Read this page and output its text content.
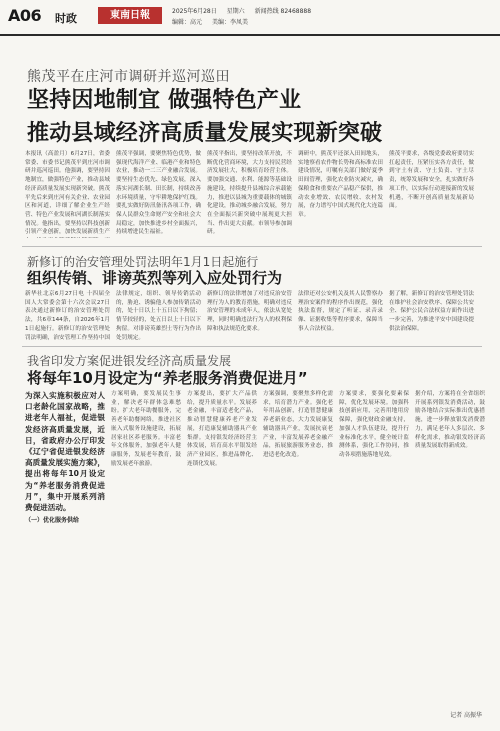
A06 时政	東南日報	2025年6月28日 星期六 新闻热线 82468888
编辑：高元 美编：李凤美
熊茂平在庄河市调研并巡河巡田
坚持因地制宜 做强特色产业
推动县域经济高质量发展实现新突破
本报讯（高盈月）6月27日，省委常委、市委书记熊茂平到庄河市调研并巡河巡田。他强调，要坚持因地制宜，做强特色产业，推动县域经济高质量发展实现新突破。熊茂平先后来到庄河有关企业、农业园区和河道，详细了解企业生产经营、特色产业发展和河湖长制落实情况。他指出，要坚持以科技创新引领产业创新，加快发展新质生产
熊茂平强调，要聚焦特色优势，做强现代海洋产业、临港产业和特色农业，推动一二三产业融合发展。要坚持生态优先、绿色发展，深入落实河湖长制、田长制，持续改善水环境质量，守牢耕地保护红线。要扎实做好防汛备汛各项工作，确保人民群众生命财产安全和社会大局稳定，加快推进乡村全面振兴，持续增进民生福祉。
熊茂平指出，要坚持改革开放，不断优化营商环境，大力支持民营经济发展壮大，积极培育经营主体。要加强交通、水利、能源等基础设施建设，持续提升县城综合承载能力，推进以县城为重要载体的城镇化建设，推动城乡融合发展，努力在全面振兴新突破中展现更大担当、作出更大贡献。市领导参加调研。
调研中，熊茂平还深入田间地头，实地察看农作物长势和高标准农田建设情况，叮嘱有关部门做好夏季田间管理，强化农业防灾减灾，确保粮食和重要农产品稳产保供，推动农业增效、农民增收、农村发展，奋力谱写中国式现代化大连篇章。
熊茂平要求，各级党委政府要切实扛起责任，压紧压实各方责任，做到守土有责、守土负责、守土尽责，统筹发展和安全，扎实做好各项工作，以实际行动迎接新的发展机遇，不断开创高质量发展新局面。
新修订的治安管理处罚法明年1月1日起施行
组织传销、诽谤英烈等列入应处罚行为
新华社北京6月27日电 十四届全国人大常委会第十六次会议27日表决通过新修订的治安管理处罚法，共6章144条，自2026年1月1日起施行。新修订的治安管理处罚法明确，治安管理工作坚持中国
法律规定，组织、领导传销活动的，胁迫、诱骗他人参加传销活动的，处十日以上十五日以下拘留；情节较轻的，处五日以上十日以下拘留。对诽谤英雄烈士等行为作出处罚规定。
新修订的法律增加了对违反治安管理行为人的教育措施，明确对违反治安管理的未成年人，依法从宽处理，同时明确违法行为人的权利保障和执法规范化要求。
法律还对公安机关及其人民警察办理治安案件的程序作出规范，强化执法监督，规定了听证、录音录像、证据收集等程序要求，保障当事人合法权益。
据了解，新修订的治安管理处罚法在维护社会治安秩序、保障公共安全、保护公民合法权益方面作出进一步完善，为推进平安中国建设提供法治保障。
我省印发方案促进银发经济高质量发展
将每年10月设定为“养老服务消费促进月”
为深入实施积极应对人口老龄化国家战略，推进老年人福祉，促进银发经济高质量发展，近日，省政府办公厅印发《辽宁省促进银发经济高质量发展实施方案》，提出将每年10月设定为“养老服务消费促进月”，集中开展系列消费促进活动。
（一）优化服务供给
方案明确，要发展民生事业，解决老年群体急难愁盼。扩大老年助餐服务，完善老年助餐网络，推进社区嵌入式服务设施建设，拓展居家社区养老服务。丰富老年文体服务，加强老年人健康服务，发展老年教育，鼓励发展老年旅游。
方案提出，要扩大产品供给，提升质量水平。发展养老金融，丰富适老化产品，推动智慧健康养老产业发展，打造康复辅助器具产业集群。支持银发经济经营主体发展，培育高水平银发经济产业园区，推进品牌化、连锁化发展。
方案强调，要聚焦多样化需求，培育潜力产业。强化老年用品创新，打造智慧健康养老新业态，大力发展康复辅助器具产业，发展抗衰老产业，丰富发展养老金融产品，拓展旅游服务业态，推进适老化改造。
方案要求，要强化要素保障，优化发展环境。加强科技创新应用，完善用地用房保障，强化财政金融支持，加强人才队伍建设，提升行业标准化水平，健全统计监测体系，强化工作协同，推动各项措施落地见效。
据介绍，方案将在全省组织开展系列银发消费活动，鼓励各地结合实际推出优惠措施，进一步释放银发消费潜力，满足老年人多层次、多样化需求，推动银发经济高质量发展取得新成效。
记者 高振华
